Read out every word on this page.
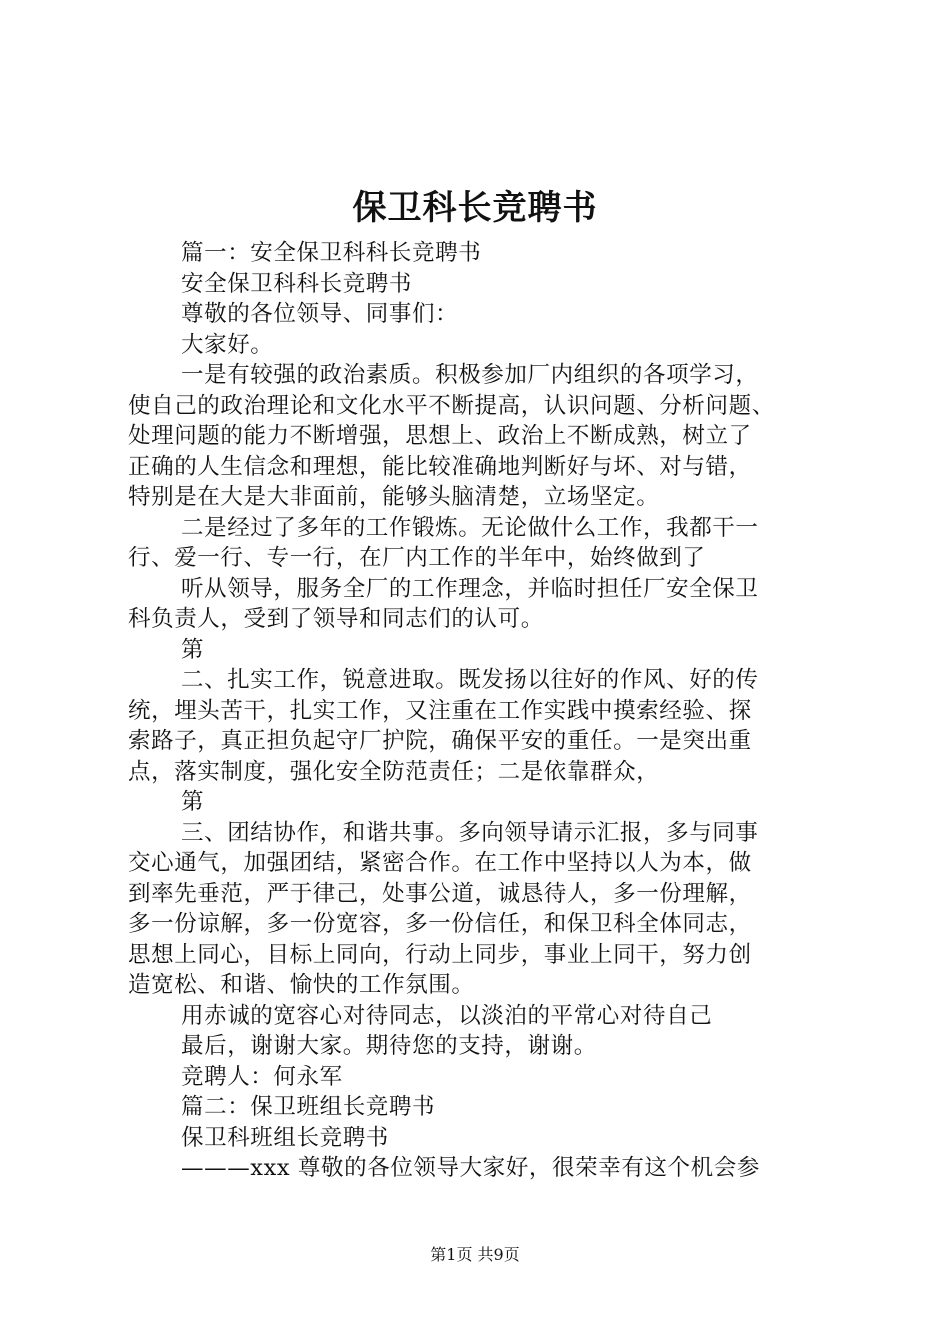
保卫科长竞聘书
篇一：安全保卫科科长竞聘书
安全保卫科科长竞聘书
尊敬的各位领导、同事们：
大家好。
一是有较强的政治素质。积极参加厂内组织的各项学习，
使自己的政治理论和文化水平不断提高，认识问题、分析问题、
处理问题的能力不断增强，思想上、政治上不断成熟，树立了
正确的人生信念和理想，能比较准确地判断好与坏、对与错，
特别是在大是大非面前，能够头脑清楚，立场坚定。
二是经过了多年的工作锻炼。无论做什么工作，我都干一
行、爱一行、专一行，在厂内工作的半年中，始终做到了
听从领导，服务全厂的工作理念，并临时担任厂安全保卫
科负责人，受到了领导和同志们的认可。
第
二、扎实工作，锐意进取。既发扬以往好的作风、好的传
统，埋头苦干，扎实工作，又注重在工作实践中摸索经验、探
索路子，真正担负起守厂护院，确保平安的重任。一是突出重
点，落实制度，强化安全防范责任；二是依靠群众，
第
三、团结协作，和谐共事。多向领导请示汇报，多与同事
交心通气，加强团结，紧密合作。在工作中坚持以人为本，做
到率先垂范，严于律己，处事公道，诚恳待人，多一份理解，
多一份谅解，多一份宽容，多一份信任，和保卫科全体同志，
思想上同心，目标上同向，行动上同步，事业上同干，努力创
造宽松、和谐、愉快的工作氛围。
用赤诚的宽容心对待同志，以淡泊的平常心对待自己
最后，谢谢大家。期待您的支持，谢谢。
竞聘人：何永军
篇二：保卫班组长竞聘书
保卫科班组长竞聘书
———xxx 尊敬的各位领导大家好，很荣幸有这个机会参
第1页 共9页
